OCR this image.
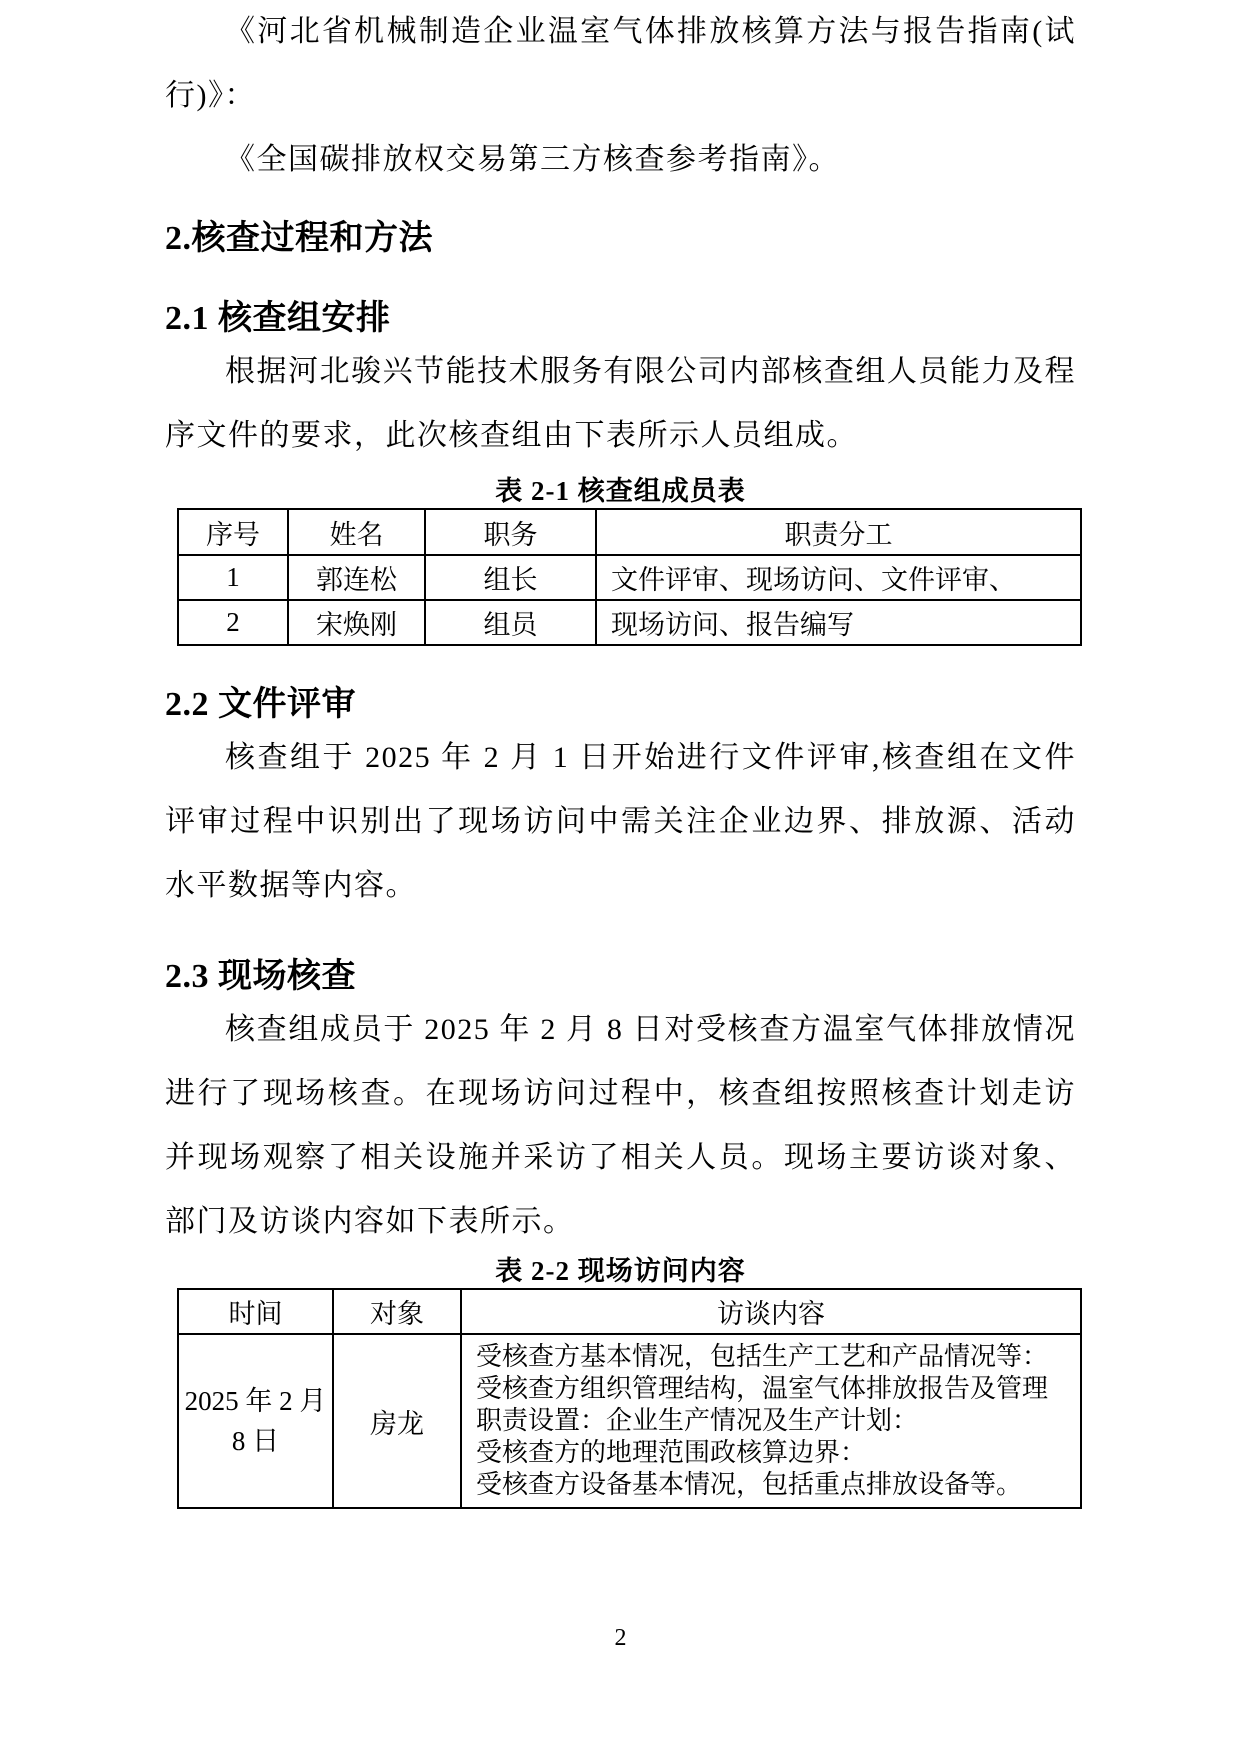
《河北省机械制造企业温室气体排放核算方法与报告指南(试行)》：

《全国碳排放权交易第三方核查参考指南》。

2.核查过程和方法
2.1 核查组安排

根据河北骏兴节能技术服务有限公司内部核查组人员能力及程序文件的要求，此次核查组由下表所示人员组成。

表 2-1 核查组成员表
序号	姓名	职务	职责分工
1	郭连松	组长	文件评审、现场访问、文件评审、
2	宋焕刚	组员	现场访问、报告编写
2.2 文件评审

核查组于 2025 年 2 月 1 日开始进行文件评审,核查组在文件评审过程中识别出了现场访问中需关注企业边界、排放源、活动水平数据等内容。

2.3 现场核查

核查组成员于 2025 年 2 月 8 日对受核查方温室气体排放情况进行了现场核查。在现场访问过程中，核查组按照核查计划走访并现场观察了相关设施并采访了相关人员。现场主要访谈对象、部门及访谈内容如下表所示。

表 2-2 现场访问内容
时间	对象	访谈内容
2025 年 2 月 8 日	房龙	受核查方基本情况，包括生产工艺和产品情况等：
受核查方组织管理结构，温室气体排放报告及管理职责设置：企业生产情况及生产计划：
受核查方的地理范围政核算边界：
受核查方设备基本情况，包括重点排放设备等。
2
